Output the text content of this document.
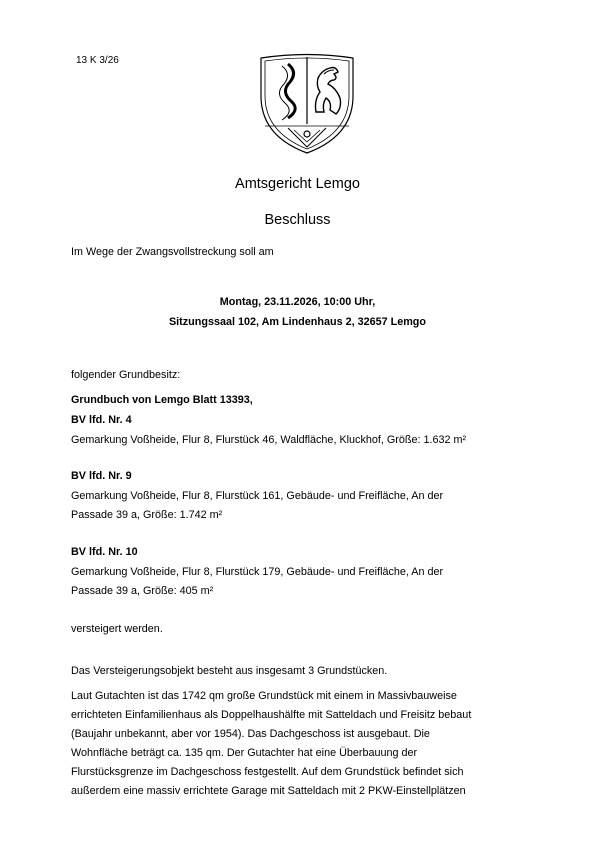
13 K 3/26
Amtsgericht Lemgo
Beschluss
Im Wege der Zwangsvollstreckung soll am
Montag, 23.11.2026, 10:00 Uhr,
Sitzungssaal 102, Am Lindenhaus 2, 32657 Lemgo
folgender Grundbesitz:
Grundbuch von Lemgo Blatt 13393,
BV lfd. Nr. 4
Gemarkung Voßheide, Flur 8, Flurstück 46, Waldfläche, Kluckhof, Größe: 1.632 m²
BV lfd. Nr. 9
Gemarkung Voßheide, Flur 8, Flurstück 161, Gebäude- und Freifläche, An der
Passade 39 a, Größe: 1.742 m²
BV lfd. Nr. 10
Gemarkung Voßheide, Flur 8, Flurstück 179, Gebäude- und Freifläche, An der
Passade 39 a, Größe: 405 m²
versteigert werden.
Das Versteigerungsobjekt besteht aus insgesamt 3 Grundstücken.
Laut Gutachten ist das 1742 qm große Grundstück mit einem in Massivbauweise
errichteten Einfamilienhaus als Doppelhaushälfte mit Satteldach und Freisitz bebaut
(Baujahr unbekannt, aber vor 1954). Das Dachgeschoss ist ausgebaut. Die
Wohnfläche beträgt ca. 135 qm. Der Gutachter hat eine Überbauung der
Flurstücksgrenze im Dachgeschoss festgestellt. Auf dem Grundstück befindet sich
außerdem eine massiv errichtete Garage mit Satteldach mit 2 PKW-Einstellplätzen
